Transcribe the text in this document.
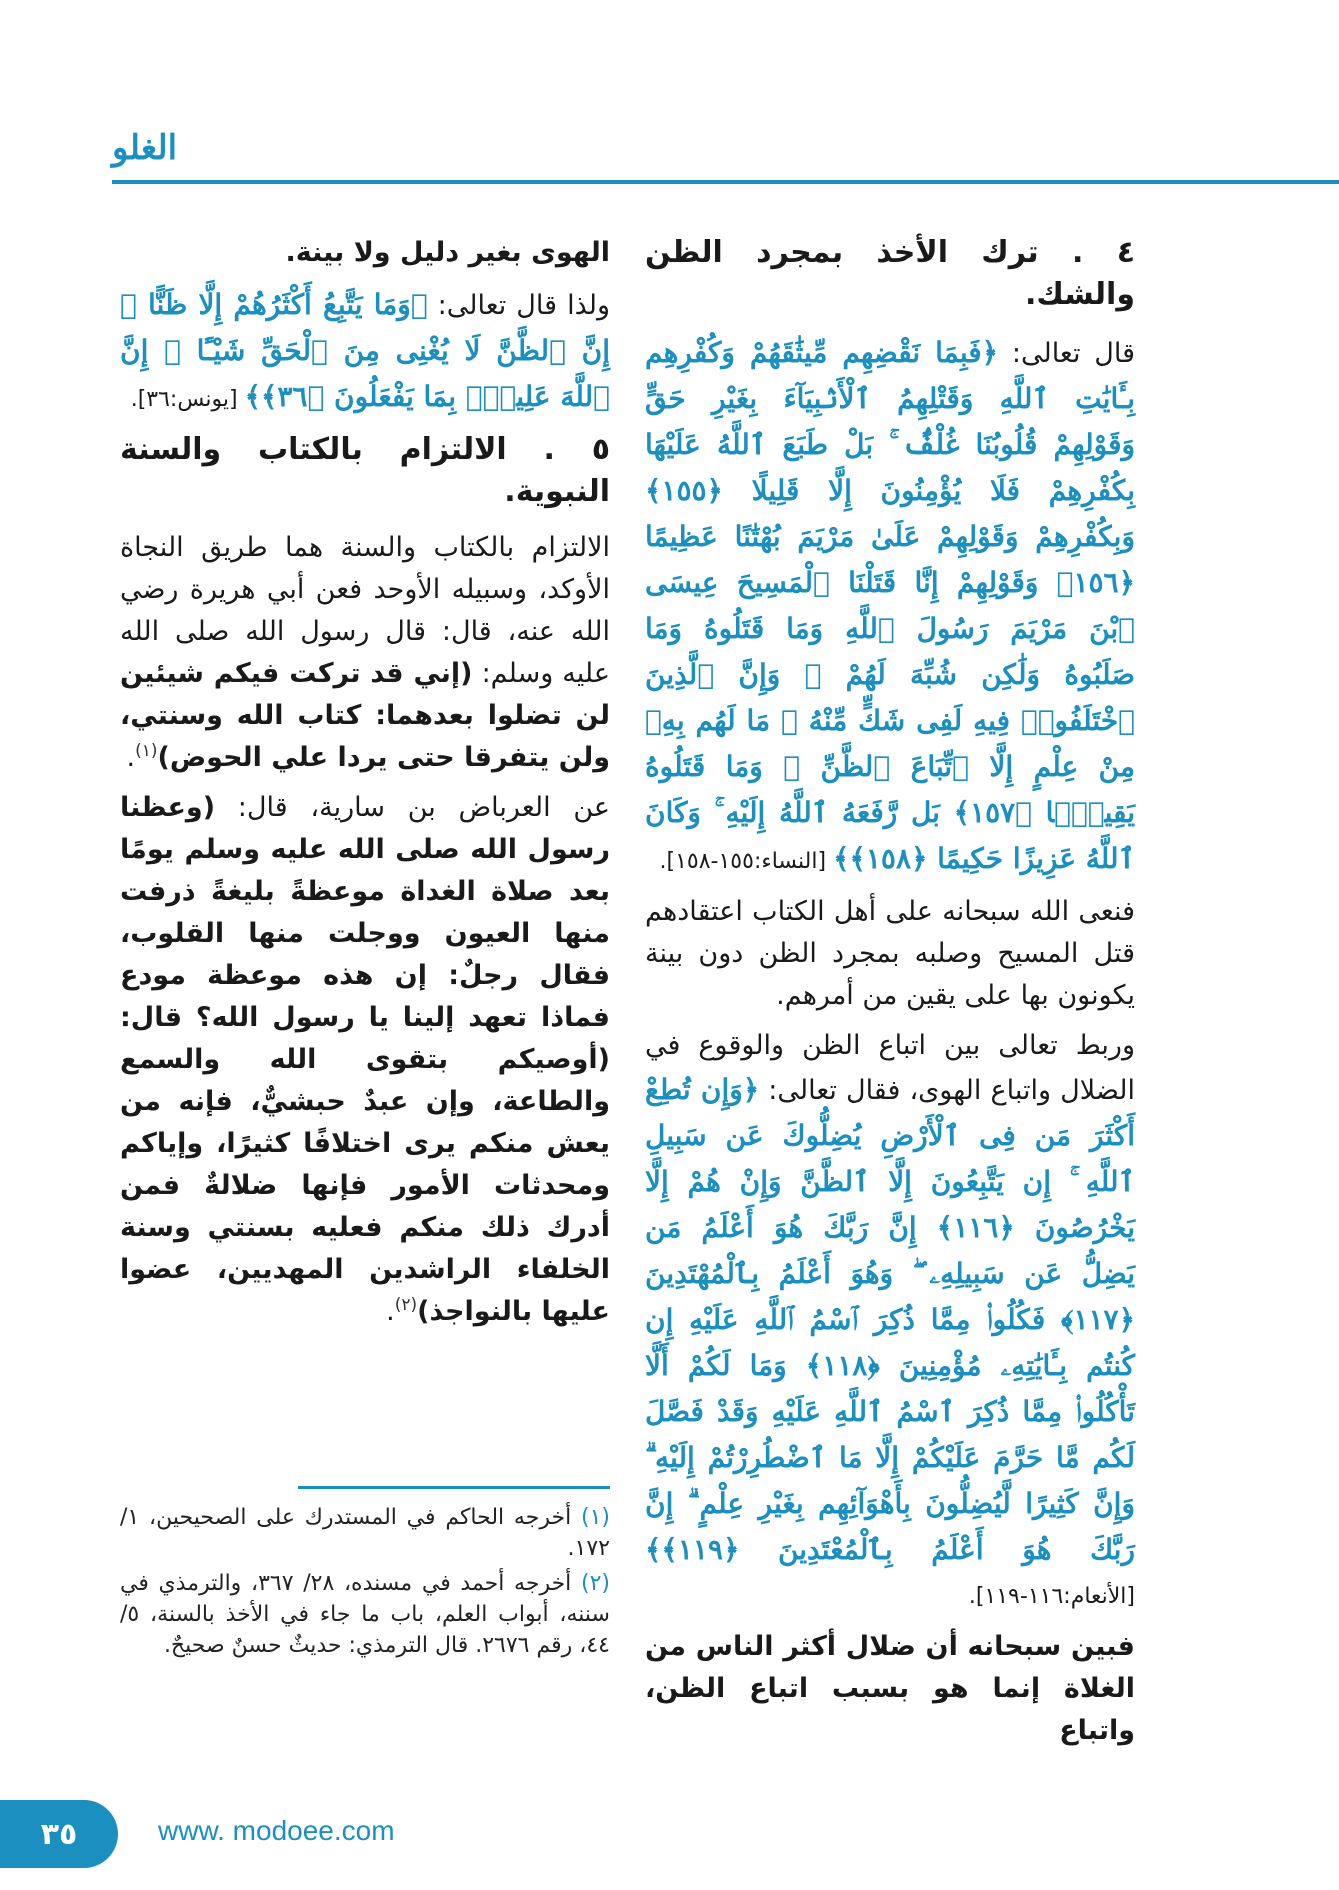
الغلو

٤ . ترك الأخذ بمجرد الظن والشك.

قال تعالى: ﴿فَبِمَا نَقْضِهِم مِّيثَٰقَهُمْ وَكُفْرِهِم بِـَٔايَٰتِ ٱللَّهِ وَقَتْلِهِمُ ٱلْأَنۢبِيَآءَ بِغَيْرِ حَقٍّ وَقَوْلِهِمْ قُلُوبُنَا غُلْفٌۢ ۚ بَلْ طَبَعَ ٱللَّهُ عَلَيْهَا بِكُفْرِهِمْ فَلَا يُؤْمِنُونَ إِلَّا قَلِيلًا ﴿١٥٥﴾ وَبِكُفْرِهِمْ وَقَوْلِهِمْ عَلَىٰ مَرْيَمَ بُهْتَٰنًا عَظِيمًا ﴿١٥٦﴾ وَقَوْلِهِمْ إِنَّا قَتَلْنَا ٱلْمَسِيحَ عِيسَى ٱبْنَ مَرْيَمَ رَسُولَ ٱللَّهِ وَمَا قَتَلُوهُ وَمَا صَلَبُوهُ وَلَٰكِن شُبِّهَ لَهُمْ ۚ وَإِنَّ ٱلَّذِينَ ٱخْتَلَفُوا۟ فِيهِ لَفِى شَكٍّ مِّنْهُ ۚ مَا لَهُم بِهِۦ مِنْ عِلْمٍ إِلَّا ٱتِّبَاعَ ٱلظَّنِّ ۚ وَمَا قَتَلُوهُ يَقِينًۢا ﴿١٥٧﴾ بَل رَّفَعَهُ ٱللَّهُ إِلَيْهِ ۚ وَكَانَ ٱللَّهُ عَزِيزًا حَكِيمًا ﴿١٥٨﴾﴾ [النساء:١٥٥-١٥٨].

فنعى الله سبحانه على أهل الكتاب اعتقادهم قتل المسيح وصلبه بمجرد الظن دون بينة يكونون بها على يقين من أمرهم.

وربط تعالى بين اتباع الظن والوقوع في الضلال واتباع الهوى، فقال تعالى: ﴿وَإِن تُطِعْ أَكْثَرَ مَن فِى ٱلْأَرْضِ يُضِلُّوكَ عَن سَبِيلِ ٱللَّهِ ۚ إِن يَتَّبِعُونَ إِلَّا ٱلظَّنَّ وَإِنْ هُمْ إِلَّا يَخْرُصُونَ ﴿١١٦﴾ إِنَّ رَبَّكَ هُوَ أَعْلَمُ مَن يَضِلُّ عَن سَبِيلِهِۦ ۖ وَهُوَ أَعْلَمُ بِٱلْمُهْتَدِينَ ﴿١١٧﴾ فَكُلُوا۟ مِمَّا ذُكِرَ ٱسْمُ ٱللَّهِ عَلَيْهِ إِن كُنتُم بِـَٔايَٰتِهِۦ مُؤْمِنِينَ ﴿١١٨﴾ وَمَا لَكُمْ أَلَّا تَأْكُلُوا۟ مِمَّا ذُكِرَ ٱسْمُ ٱللَّهِ عَلَيْهِ وَقَدْ فَصَّلَ لَكُم مَّا حَرَّمَ عَلَيْكُمْ إِلَّا مَا ٱضْطُرِرْتُمْ إِلَيْهِ ۗ وَإِنَّ كَثِيرًا لَّيُضِلُّونَ بِأَهْوَآئِهِم بِغَيْرِ عِلْمٍ ۗ إِنَّ رَبَّكَ هُوَ أَعْلَمُ بِٱلْمُعْتَدِينَ ﴿١١٩﴾﴾ [الأنعام:١١٦-١١٩].

فبين سبحانه أن ضلال أكثر الناس من الغلاة إنما هو بسبب اتباع الظن، واتباع

الهوى بغير دليل ولا بينة.

ولذا قال تعالى: ﴿وَمَا يَتَّبِعُ أَكْثَرُهُمْ إِلَّا ظَنًّا ۚ إِنَّ ٱلظَّنَّ لَا يُغْنِى مِنَ ٱلْحَقِّ شَيْـًٔا ۚ إِنَّ ٱللَّهَ عَلِيمٌۢ بِمَا يَفْعَلُونَ ﴿٣٦﴾﴾ [يونس:٣٦].

٥ . الالتزام بالكتاب والسنة النبوية.

الالتزام بالكتاب والسنة هما طريق النجاة الأوكد، وسبيله الأوحد فعن أبي هريرة رضي الله عنه، قال: قال رسول الله صلى الله عليه وسلم: (إني قد تركت فيكم شيئين لن تضلوا بعدهما: كتاب الله وسنتي، ولن يتفرقا حتى يردا علي الحوض)$^{(١)}$.

عن العرباض بن سارية، قال: (وعظنا رسول الله صلى الله عليه وسلم يومًا بعد صلاة الغداة موعظةً بليغةً ذرفت منها العيون ووجلت منها القلوب، فقال رجلٌ: إن هذه موعظة مودع فماذا تعهد إلينا يا رسول الله؟ قال: (أوصيكم بتقوى الله والسمع والطاعة، وإن عبدٌ حبشيٌّ، فإنه من يعش منكم يرى اختلافًا كثيرًا، وإياكم ومحدثات الأمور فإنها ضلالةٌ فمن أدرك ذلك منكم فعليه بسنتي وسنة الخلفاء الراشدين المهديين، عضوا عليها بالنواجذ)$^{(٢)}$.

(١) أخرجه الحاكم في المستدرك على الصحيحين، ١/ ١٧٢.

(٢) أخرجه أحمد في مسنده، ٢٨/ ٣٦٧، والترمذي في سننه، أبواب العلم، باب ما جاء في الأخذ بالسنة، ٥/ ٤٤، رقم ٢٦٧٦. قال الترمذي: حديثٌ حسنٌ صحيحٌ.

٣٥	www. modoee.com
